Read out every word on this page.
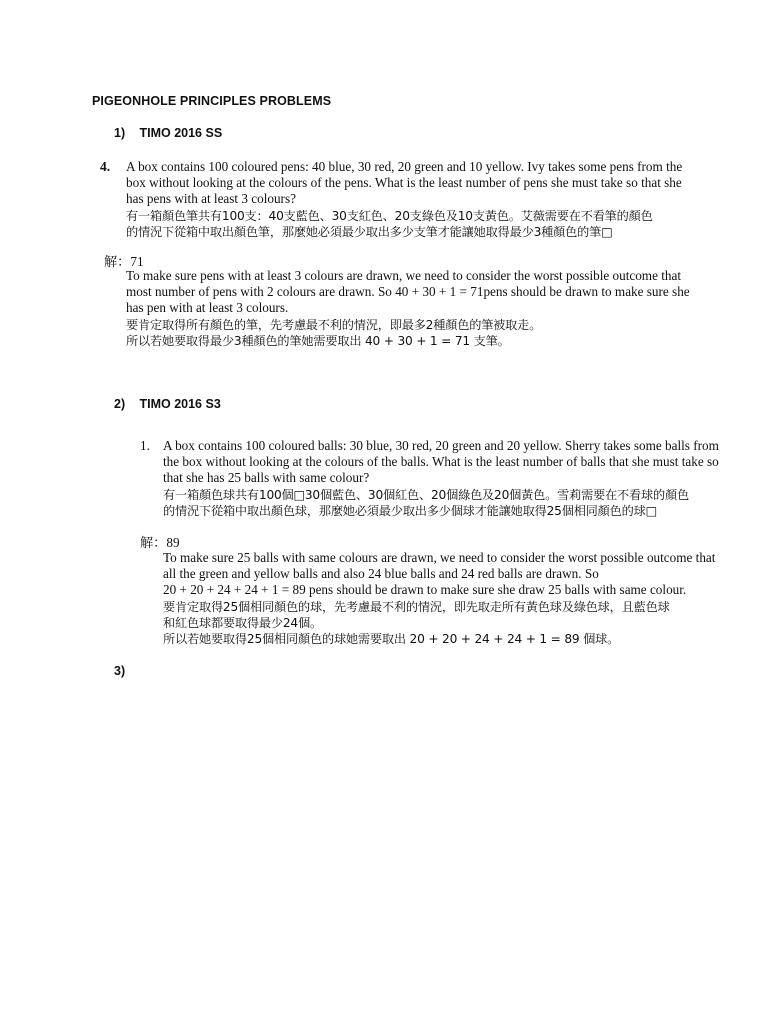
PIGEONHOLE PRINCIPLES PROBLEMS
1) TIMO 2016 SS
4. A box contains 100 coloured pens: 40 blue, 30 red, 20 green and 10 yellow. Ivy takes some pens from the
box without looking at the colours of the pens. What is the least number of pens she must take so that she
has pens with at least 3 colours?
有一箱顏色筆共有100支：40支藍色、30支紅色、20支綠色及10支黃色。艾薇需要在不看筆的顏色
的情況下從箱中取出顏色筆，那麼她必須最少取出多少支筆才能讓她取得最少3種顏色的筆□
解：71
To make sure pens with at least 3 colours are drawn, we need to consider the worst possible outcome that
most number of pens with 2 colours are drawn. So 40 + 30 + 1 = 71pens should be drawn to make sure she
has pen with at least 3 colours.
要肯定取得所有顏色的筆，先考慮最不利的情況，即最多2種顏色的筆被取走。
所以若她要取得最少3種顏色的筆她需要取出 40 + 30 + 1 = 71 支筆。
2) TIMO 2016 S3
1. A box contains 100 coloured balls: 30 blue, 30 red, 20 green and 20 yellow. Sherry takes some balls from
the box without looking at the colours of the balls. What is the least number of balls that she must take so
that she has 25 balls with same colour?
有一箱顏色球共有100個□30個藍色、30個紅色、20個綠色及20個黃色。雪莉需要在不看球的顏色
的情況下從箱中取出顏色球，那麼她必須最少取出多少個球才能讓她取得25個相同顏色的球□
解：89
To make sure 25 balls with same colours are drawn, we need to consider the worst possible outcome that
all the green and yellow balls and also 24 blue balls and 24 red balls are drawn. So
20 + 20 + 24 + 24 + 1 = 89 pens should be drawn to make sure she draw 25 balls with same colour.
要肯定取得25個相同顏色的球，先考慮最不利的情況，即先取走所有黃色球及綠色球，且藍色球
和紅色球都要取得最少24個。
所以若她要取得25個相同顏色的球她需要取出 20 + 20 + 24 + 24 + 1 = 89 個球。
3)
